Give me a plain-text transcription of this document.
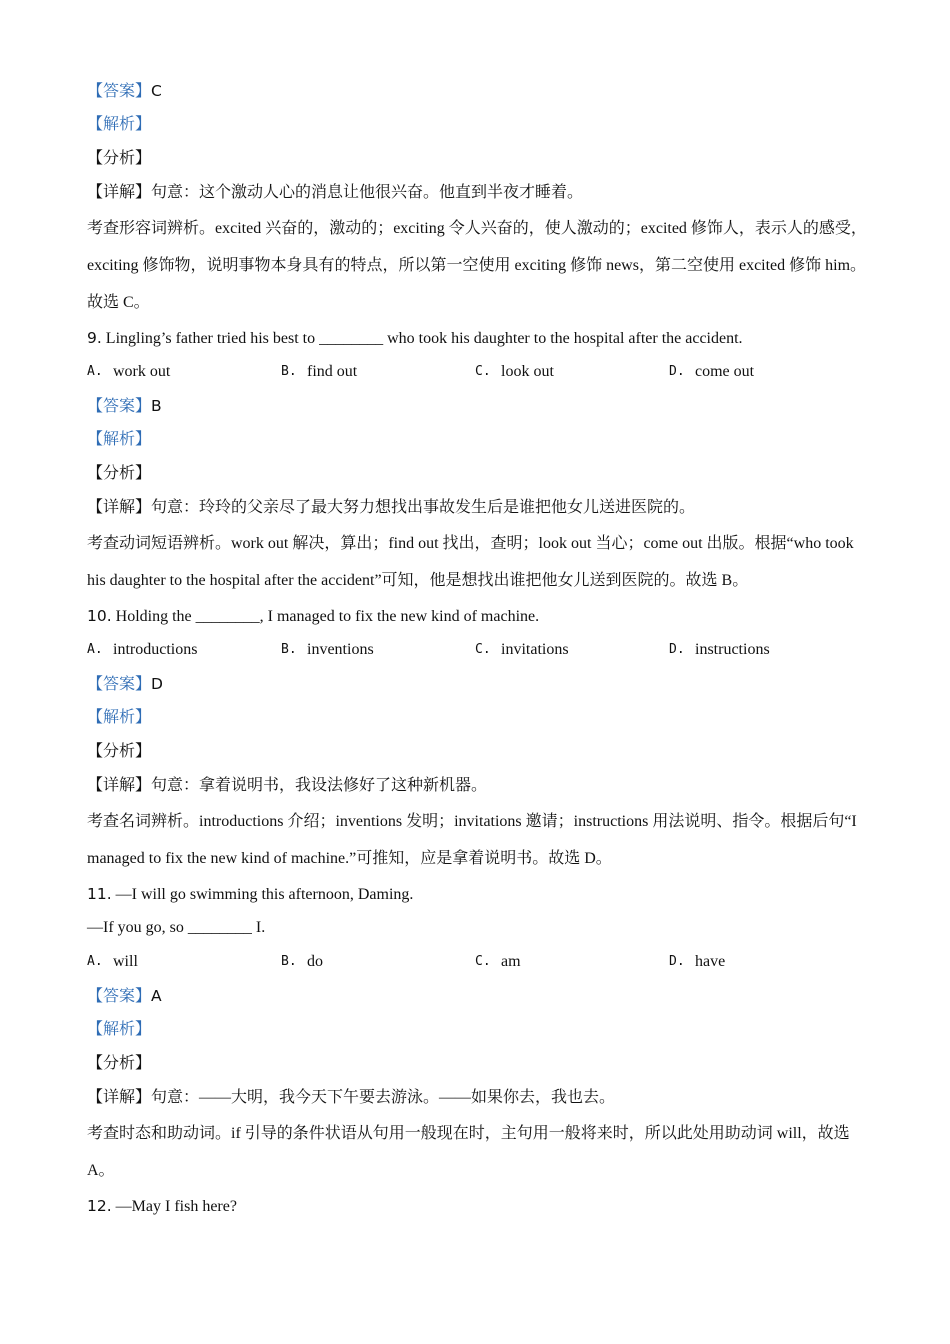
【答案】C
【解析】
【分析】
【详解】句意：这个激动人心的消息让他很兴奋。他直到半夜才睡着。
考查形容词辨析。excited 兴奋的，激动的；exciting 令人兴奋的，使人激动的；excited 修饰人，表示人的感受，exciting 修饰物，说明事物本身具有的特点，所以第一空使用 exciting 修饰 news，第二空使用 excited 修饰 him。故选 C。
9. Lingling’s father tried his best to ________ who took his daughter to the hospital after the accident.
A. work out	B. find out	C. look out	D. come out
【答案】B
【解析】
【分析】
【详解】句意：玲玲的父亲尽了最大努力想找出事故发生后是谁把他女儿送进医院的。
考查动词短语辨析。work out 解决，算出；find out 找出，查明；look out 当心；come out 出版。根据“who took his daughter to the hospital after the accident”可知，他是想找出谁把他女儿送到医院的。故选 B。
10. Holding the ________, I managed to fix the new kind of machine.
A. introductions	B. inventions	C. invitations	D. instructions
【答案】D
【解析】
【分析】
【详解】句意：拿着说明书，我设法修好了这种新机器。
考查名词辨析。introductions 介绍；inventions 发明；invitations 邀请；instructions 用法说明、指令。根据后句“I managed to fix the new kind of machine.”可推知，应是拿着说明书。故选 D。
11. —I will go swimming this afternoon, Daming.
—If you go, so ________ I.
A. will	B. do	C. am	D. have
【答案】A
【解析】
【分析】
【详解】句意：——大明，我今天下午要去游泳。——如果你去，我也去。
考查时态和助动词。if 引导的条件状语从句用一般现在时，主句用一般将来时，所以此处用助动词 will，故选 A。
12. —May I fish here?
